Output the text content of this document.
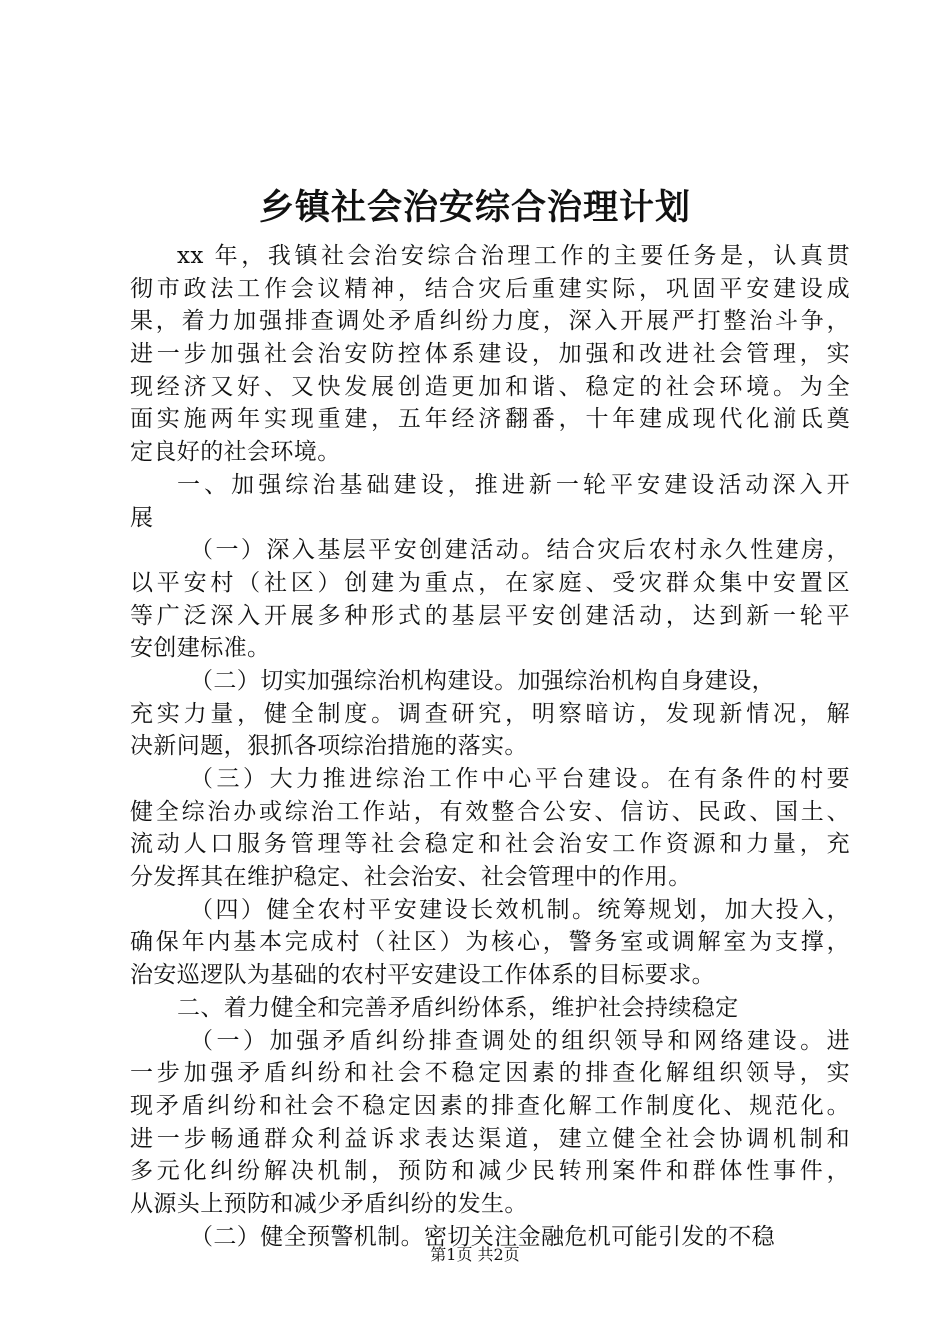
乡镇社会治安综合治理计划
xx 年，我镇社会治安综合治理工作的主要任务是，认真贯
彻市政法工作会议精神，结合灾后重建实际，巩固平安建设成
果，着力加强排查调处矛盾纠纷力度，深入开展严打整治斗争，
进一步加强社会治安防控体系建设，加强和改进社会管理，实
现经济又好、又快发展创造更加和谐、稳定的社会环境。为全
面实施两年实现重建，五年经济翻番，十年建成现代化湔氐奠
定良好的社会环境。
一、加强综治基础建设，推进新一轮平安建设活动深入开
展
（一）深入基层平安创建活动。结合灾后农村永久性建房，
以平安村（社区）创建为重点，在家庭、受灾群众集中安置区
等广泛深入开展多种形式的基层平安创建活动，达到新一轮平
安创建标准。
（二）切实加强综治机构建设。加强综治机构自身建设，
充实力量，健全制度。调查研究，明察暗访，发现新情况，解
决新问题，狠抓各项综治措施的落实。
（三）大力推进综治工作中心平台建设。在有条件的村要
健全综治办或综治工作站，有效整合公安、信访、民政、国土、
流动人口服务管理等社会稳定和社会治安工作资源和力量，充
分发挥其在维护稳定、社会治安、社会管理中的作用。
（四）健全农村平安建设长效机制。统筹规划，加大投入，
确保年内基本完成村（社区）为核心，警务室或调解室为支撑，
治安巡逻队为基础的农村平安建设工作体系的目标要求。
二、着力健全和完善矛盾纠纷体系，维护社会持续稳定
（一）加强矛盾纠纷排查调处的组织领导和网络建设。进
一步加强矛盾纠纷和社会不稳定因素的排查化解组织领导，实
现矛盾纠纷和社会不稳定因素的排查化解工作制度化、规范化。
进一步畅通群众利益诉求表达渠道，建立健全社会协调机制和
多元化纠纷解决机制，预防和减少民转刑案件和群体性事件，
从源头上预防和减少矛盾纠纷的发生。
（二）健全预警机制。密切关注金融危机可能引发的不稳
第1页 共2页
